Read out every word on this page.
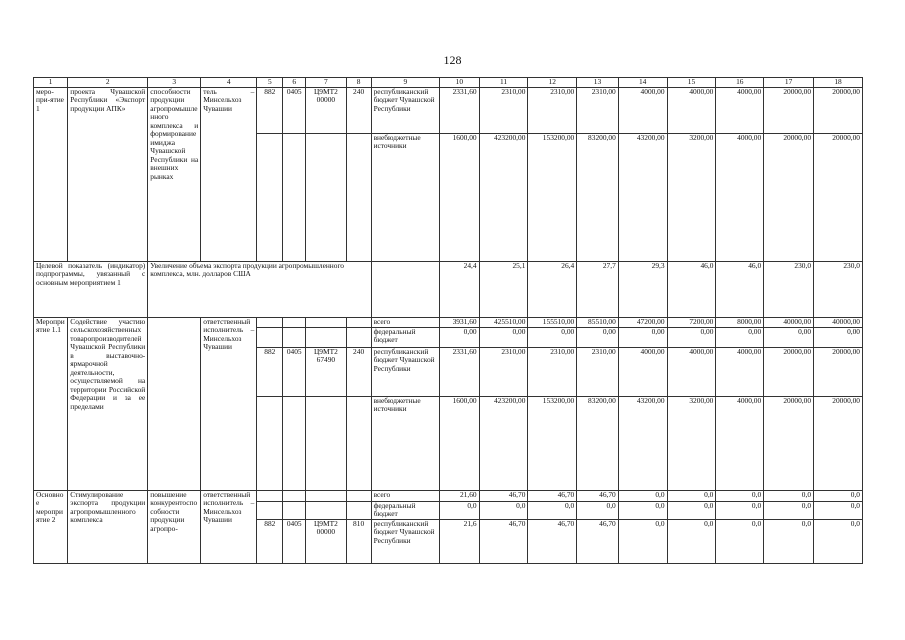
128
1	2	3	4	5	6	7	8	9	10	11	12	13	14	15	16	17	18
меро-при-ятие 1	проекта Чувашской Республики «Экспорт продукции АПК»	способности продукции агропромышленного комплекса и формирование имиджа Чувашской Республики на внешних рынках	тель – Минсельхоз Чувашии	882	0405	Ц9МТ2 00000	240	республиканский бюджет Чувашской Республики	2331,60	2310,00	2310,00	2310,00	4000,00	4000,00	4000,00	20000,00	20000,00
								внебюджетные источники	1600,00	423200,00	153200,00	83200,00	43200,00	3200,00	4000,00	20000,00	20000,00
Целевой показатель (индикатор) подпрограммы, увязанный с основным мероприятием 1		Увеличение объема экспорта продукции агропромышленного комплекса, млн. долларов США							24,4	25,1	26,4	27,7	29,3	46,0	46,0	230,0	230,0
Мероприятие 1.1	Содействие участию сельскохозяйственных товаропроизводителей Чувашской Республики в выставочно-ярмарочной деятельности, осуществляемой на территории Российской Федерации и за ее пределами		ответственный исполнитель – Минсельхоз Чувашии					всего	3931,60	425510,00	155510,00	85510,00	47200,00	7200,00	8000,00	40000,00	40000,00
								федеральный бюджет	0,00	0,00	0,00	0,00	0,00	0,00	0,00	0,00	0,00
				882	0405	Ц9МТ2 67490	240	республиканский бюджет Чувашской Республики	2331,60	2310,00	2310,00	2310,00	4000,00	4000,00	4000,00	20000,00	20000,00
								внебюджетные источники	1600,00	423200,00	153200,00	83200,00	43200,00	3200,00	4000,00	20000,00	20000,00
Основное мероприятие 2	Стимулирование экспорта продукции агропромышленного комплекса	повышение конкурентоспособности продукции агропро-	ответственный исполнитель – Минсельхоз Чувашии					всего	21,60	46,70	46,70	46,70	0,0	0,0	0,0	0,0	0,0
								федеральный бюджет	0,0	0,0	0,0	0,0	0,0	0,0	0,0	0,0	0,0
				882	0405	Ц9МТ2 00000	810	республиканский бюджет Чувашской Республики	21,6	46,70	46,70	46,70	0,0	0,0	0,0	0,0	0,0
